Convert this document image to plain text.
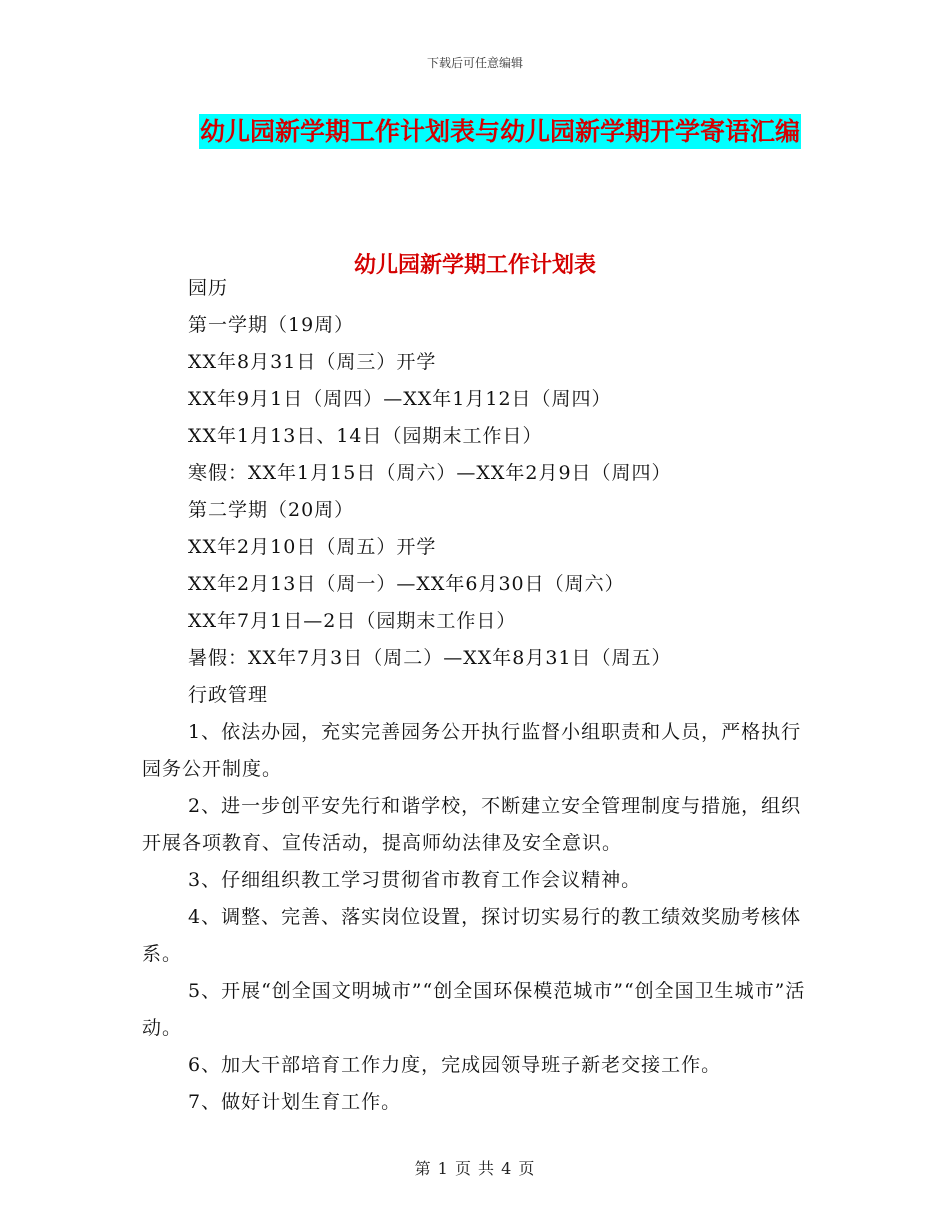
下载后可任意编辑
幼儿园新学期工作计划表与幼儿园新学期开学寄语汇编
幼儿园新学期工作计划表

园历

第一学期（19周）

XX年8月31日（周三）开学

XX年9月1日（周四）—XX年1月12日（周四）

XX年1月13日、14日（园期末工作日）

寒假：XX年1月15日（周六）—XX年2月9日（周四）

第二学期（20周）

XX年2月10日（周五）开学

XX年2月13日（周一）—XX年6月30日（周六）

XX年7月1日—2日（园期末工作日）

暑假：XX年7月3日（周二）—XX年8月31日（周五）

行政管理

1、依法办园，充实完善园务公开执行监督小组职责和人员，严格执行园务公开制度。

2、进一步创平安先行和谐学校，不断建立安全管理制度与措施，组织开展各项教育、宣传活动，提高师幼法律及安全意识。

3、仔细组织教工学习贯彻省市教育工作会议精神。

4、调整、完善、落实岗位设置，探讨切实易行的教工绩效奖励考核体系。

5、开展“创全国文明城市”“创全国环保模范城市”“创全国卫生城市”活动。

6、加大干部培育工作力度，完成园领导班子新老交接工作。

7、做好计划生育工作。

第 1 页 共 4 页
